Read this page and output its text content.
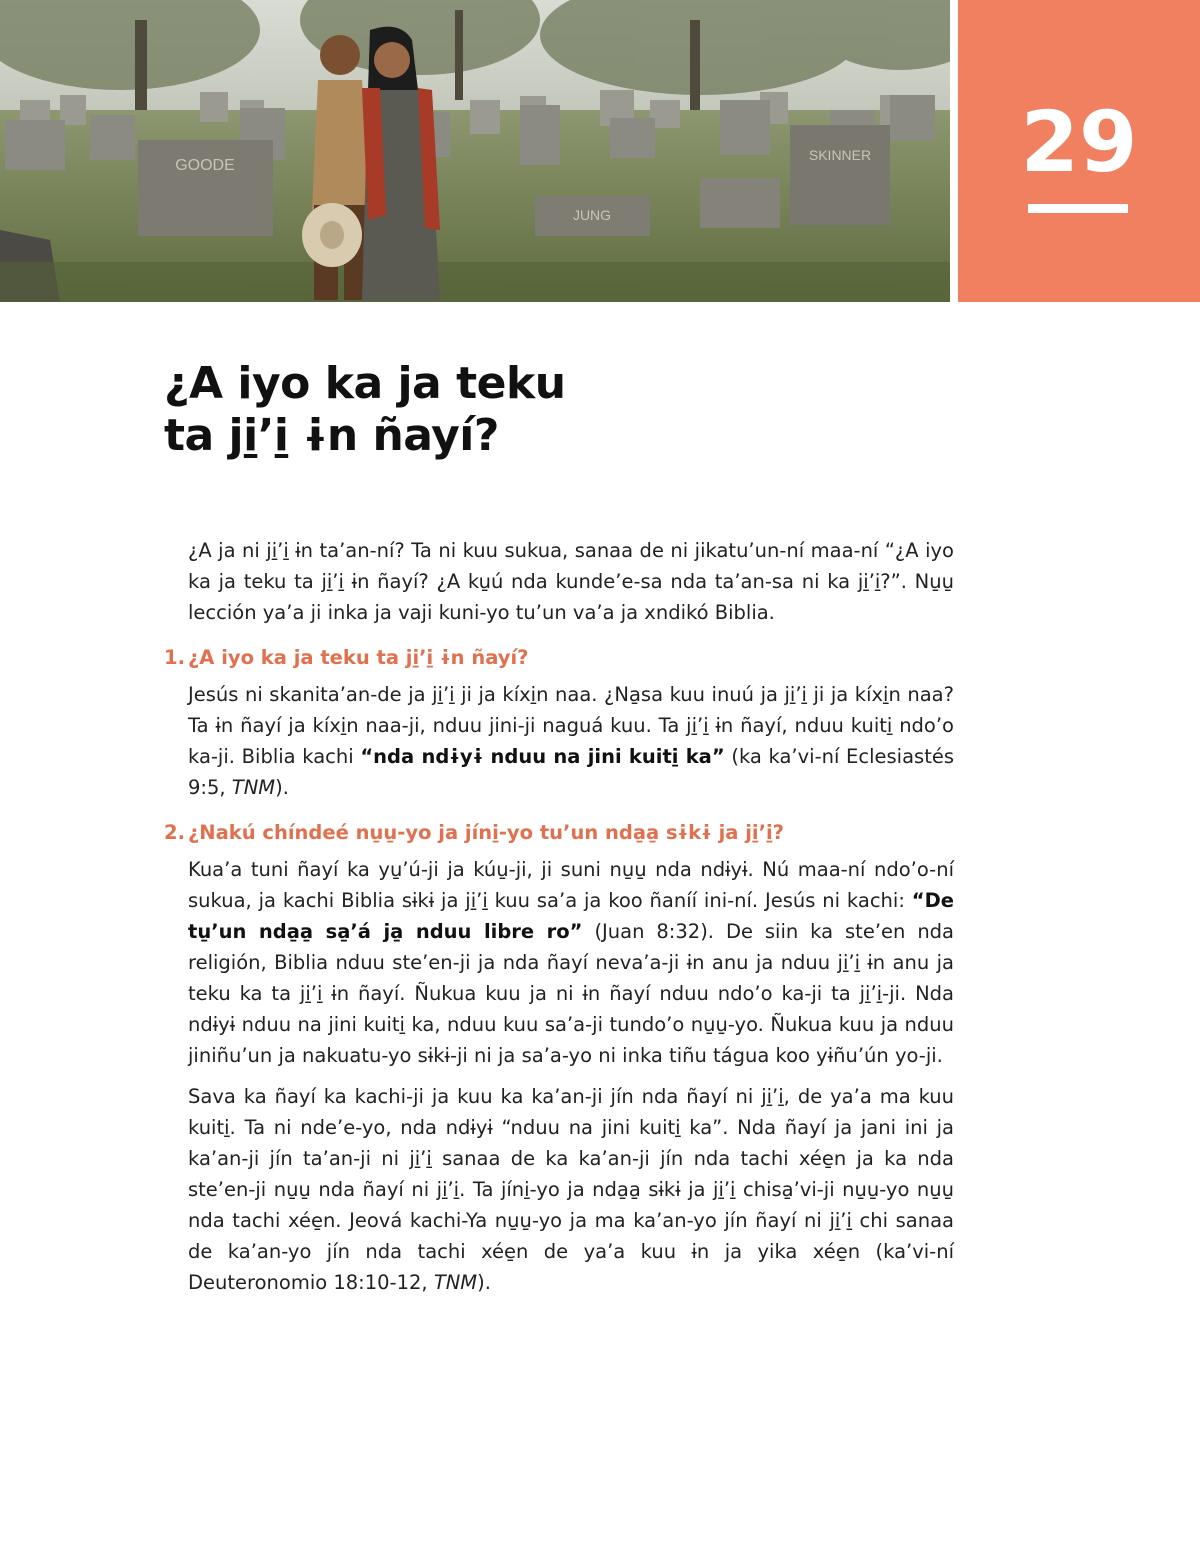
GOODE
JUNG
SKINNER	29
¿A iyo ka ja teku
ta ji̱’i̱ ɨn ñayí?

¿A ja ni ji̱’i̱ ɨn ta’an-ní? Ta ni kuu sukua, sanaa de ni jikatu’un-ní maa-ní “¿A iyo ka ja teku ta ji̱’i̱ ɨn ñayí? ¿A ku̱ú nda kunde’e-sa nda ta’an-sa ni ka ji̱’i̱?”. Nu̱u̱ lección ya’a ji inka ja vaji kuni-yo tu’un va’a ja xndikó Biblia.

1. ¿A iyo ka ja teku ta ji̱’i̱ ɨn ñayí?

Jesús ni skanita’an-de ja ji̱’i̱ ji ja kíxi̱n naa. ¿Na̱sa kuu inuú ja ji̱’i̱ ji ja kíxi̱n naa? Ta ɨn ñayí ja kíxi̱n naa-ji, nduu jini-ji naguá kuu. Ta ji̱’i̱ ɨn ñayí, nduu kuiti̱ ndo’o ka-ji. Biblia kachi “nda ndɨyɨ nduu na jini kuiti̱ ka” (ka ka’vi-ní Eclesiastés 9:5, TNM).

2. ¿Nakú chíndeé nu̱u̱-yo ja jíni̱-yo tu’un nda̱a̱ sɨkɨ ja ji̱’i̱?

Kua’a tuni ñayí ka yu̱’ú-ji ja kúu̱-ji, ji suni nu̱u̱ nda ndɨyɨ. Nú maa-ní ndo’o-ní sukua, ja kachi Biblia sɨkɨ ja ji̱’i̱ kuu sa’a ja koo ñaníí ini-ní. Jesús ni kachi: “De tu̱’un nda̱a̱ sa̱’á ja̱ nduu libre ro” (Juan 8:32). De siin ka ste’en nda religión, Biblia nduu ste’en-ji ja nda ñayí neva’a-ji ɨn anu ja nduu ji̱’i̱ ɨn anu ja teku ka ta ji̱’i̱ ɨn ñayí. Ñukua kuu ja ni ɨn ñayí nduu ndo’o ka-ji ta ji̱’i̱-ji. Nda ndɨyɨ nduu na jini kuiti̱ ka, nduu kuu sa’a-ji tundo’o nu̱u̱-yo. Ñukua kuu ja nduu jiniñu’un ja nakuatu-yo sɨkɨ-ji ni ja sa’a-yo ni inka tiñu tágua koo yɨñu’ún yo-ji.

Sava ka ñayí ka kachi-ji ja kuu ka ka’an-ji jín nda ñayí ni ji̱’i̱, de ya’a ma kuu kuiti̱. Ta ni nde’e-yo, nda ndɨyɨ “nduu na jini kuiti̱ ka”. Nda ñayí ja jani ini ja ka’an-ji jín ta’an-ji ni ji̱’i̱ sanaa de ka ka’an-ji jín nda tachi xée̱n ja ka nda ste’en-ji nu̱u̱ nda ñayí ni ji̱’i̱. Ta jíni̱-yo ja nda̱a̱ sɨkɨ ja ji̱’i̱ chisa̱’vi-ji nu̱u̱-yo nu̱u̱ nda tachi xée̱n. Jeová kachi-Ya nu̱u̱-yo ja ma ka’an-yo jín ñayí ni ji̱’i̱ chi sanaa de ka’an-yo jín nda tachi xée̱n de ya’a kuu ɨn ja yika xée̱n (ka’vi-ní Deuteronomio 18:10-12, TNM).
